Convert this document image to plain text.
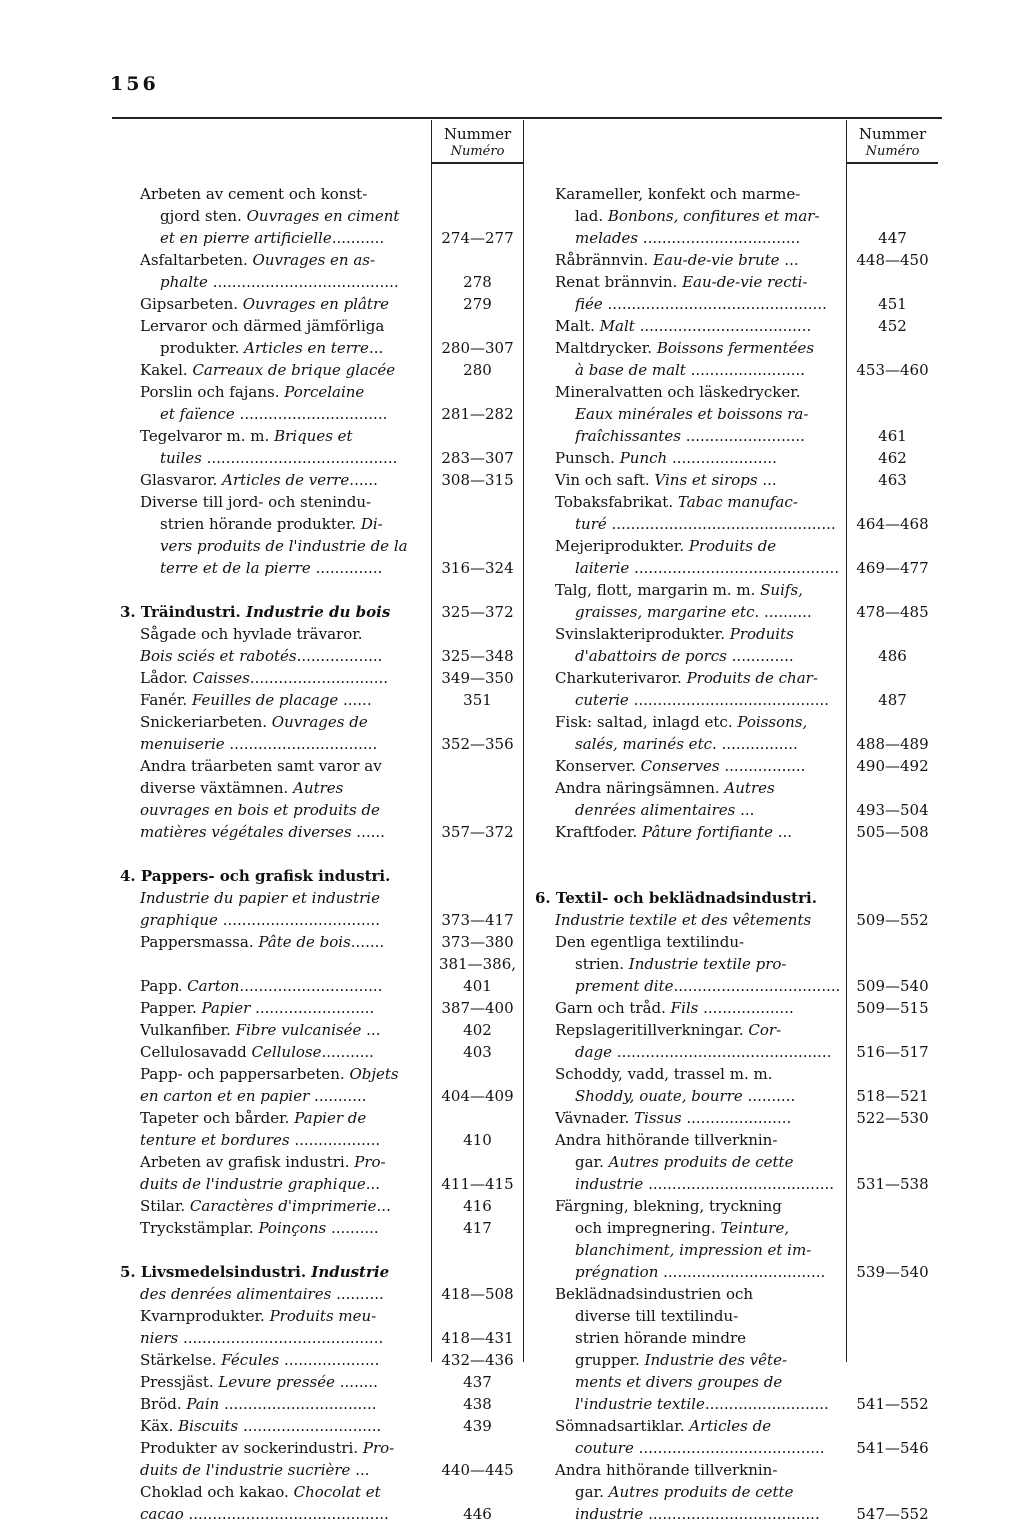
156
Nummer
Numéro
Nummer
Numéro
Arbeten av cement och konst-
gjord sten. Ouvrages en ciment
et en pierre artificielle...........	274—277
Asfaltarbeten. Ouvrages en as-
phalte .......................................	278
Gipsarbeten. Ouvrages en plâtre	279
Lervaror och därmed jämförliga
produkter. Articles en terre...	280—307
Kakel. Carreaux de brique glacée	280
Porslin och fajans. Porcelaine
et faïence ...............................	281—282
Tegelvaror m. m. Briques et
tuiles ........................................	283—307
Glasvaror. Articles de verre......	308—315
Diverse till jord- och stenindu-
strien hörande produkter. Di-
vers produits de l'industrie de la
terre et de la pierre ..............	316—324
3. Träindustri. Industrie du bois	325—372
Sågade och hyvlade trävaror.
Bois sciés et rabotés..................	325—348
Lådor. Caisses.............................	349—350
Fanér. Feuilles de placage ......	351
Snickeriarbeten. Ouvrages de
menuiserie ...............................	352—356
Andra träarbeten samt varor av
diverse växtämnen. Autres
ouvrages en bois et produits de
matières végétales diverses ......	357—372
4. Pappers- och grafisk industri.
Industrie du papier et industrie
graphique .................................	373—417
Pappersmassa. Pâte de bois.......	373—380
381—386,
Papp. Carton..............................	401
Papper. Papier .........................	387—400
Vulkanfiber. Fibre vulcanisée ...	402
Cellulosavadd Cellulose...........	403
Papp- och pappersarbeten. Objets
en carton et en papier ...........	404—409
Tapeter och bårder. Papier de
tenture et bordures ..................	410
Arbeten av grafisk industri. Pro-
duits de l'industrie graphique...	411—415
Stilar. Caractères d'imprimerie...	416
Tryckstämplar. Poinçons ..........	417
5. Livsmedelsindustri. Industrie
des denrées alimentaires ..........	418—508
Kvarnprodukter. Produits meu-
niers ..........................................	418—431
Stärkelse. Fécules ....................	432—436
Pressjäst. Levure pressée ........	437
Bröd. Pain ................................	438
Käx. Biscuits .............................	439
Produkter av sockerindustri. Pro-
duits de l'industrie sucrière ...	440—445
Choklad och kakao. Chocolat et
cacao ..........................................	446
Karameller, konfekt och marme-
lad. Bonbons, confitures et mar-
melades .................................	447
Råbrännvin. Eau-de-vie brute ...	448—450
Renat brännvin. Eau-de-vie recti-
fiée ..............................................	451
Malt. Malt ....................................	452
Maltdrycker. Boissons fermentées
à base de malt ........................	453—460
Mineralvatten och läskedrycker.
Eaux minérales et boissons ra-
fraîchissantes .........................	461
Punsch. Punch ......................	462
Vin och saft. Vins et sirops ...	463
Tobaksfabrikat. Tabac manufac-
turé ...............................................	464—468
Mejeriprodukter. Produits de
laiterie ...........................................	469—477
Talg, flott, margarin m. m. Suifs,
graisses, margarine etc. ..........	478—485
Svinslakteriprodukter. Produits
d'abattoirs de porcs .............	486
Charkuterivaror. Produits de char-
cuterie .........................................	487
Fisk: saltad, inlagd etc. Poissons,
salés, marinés etc. ................	488—489
Konserver. Conserves .................	490—492
Andra näringsämnen. Autres
denrées alimentaires ...	493—504
Kraftfoder. Pâture fortifiante ...	505—508
6. Textil- och beklädnadsindustri.
Industrie textile et des vêtements	509—552
Den egentliga textilindu-
strien. Industrie textile pro-
prement dite...................................	509—540
Garn och tråd. Fils ...................	509—515
Repslageritillverkningar. Cor-
dage .............................................	516—517
Schoddy, vadd, trassel m. m.
Shoddy, ouate, bourre ..........	518—521
Vävnader. Tissus ......................	522—530
Andra hithörande tillverknin-
gar. Autres produits de cette
industrie .......................................	531—538
Färgning, blekning, tryckning
och impregnering. Teinture,
blanchiment, impression et im-
prégnation ..................................	539—540
Beklädnadsindustrien och
diverse till textilindu-
strien hörande mindre
grupper. Industrie des vête-
ments et divers groupes de
l'industrie textile..........................	541—552
Sömnadsartiklar. Articles de
couture .......................................	541—546
Andra hithörande tillverknin-
gar. Autres produits de cette
industrie ....................................	547—552
